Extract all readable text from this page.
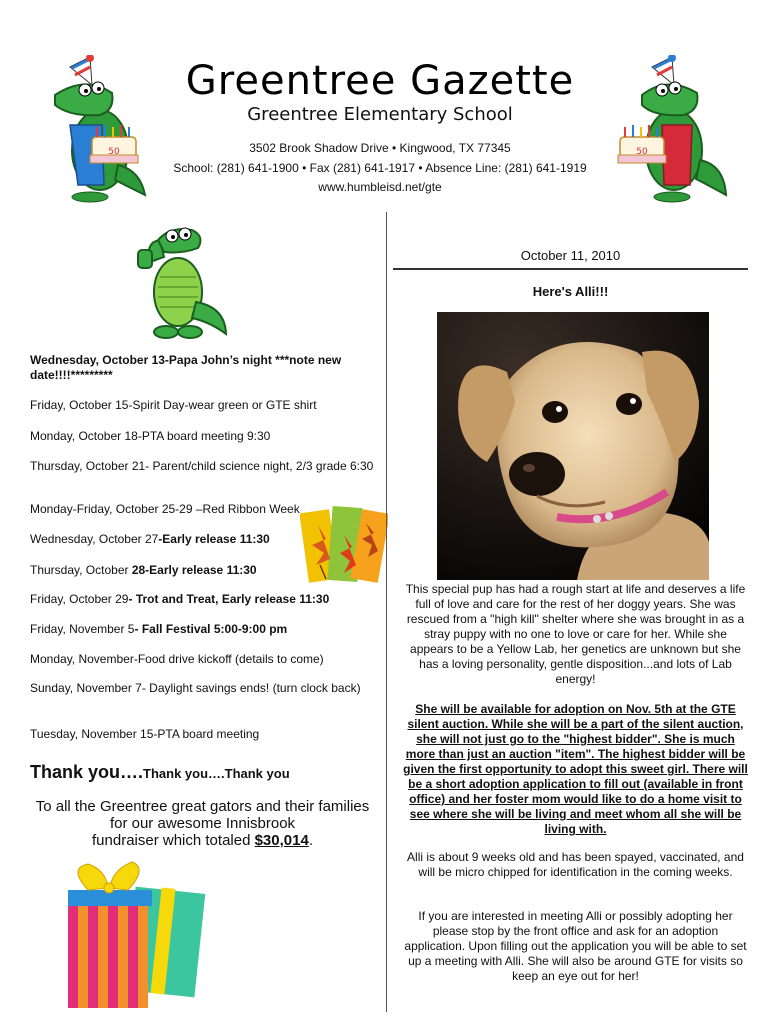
Greentree Gazette
Greentree Elementary School
3502 Brook Shadow Drive • Kingwood, TX 77345
School: (281) 641-1900 • Fax (281) 641-1917 • Absence Line: (281) 641-1919
www.humbleisd.net/gte
50	50
Wednesday, October 13-Papa John’s night ***note new date!!!!*********
Friday, October 15-Spirit Day-wear green or GTE shirt
Monday, October 18-PTA board meeting 9:30
Thursday, October 21- Parent/child science night, 2/3 grade 6:30
Monday-Friday, October 25-29 –Red Ribbon Week
Wednesday, October 27-Early release 11:30
Thursday, October 28-Early release 11:30
Friday, October 29- Trot and Treat, Early release 11:30
Friday, November 5- Fall Festival 5:00-9:00 pm
Monday, November-Food drive kickoff (details to come)
Sunday, November 7- Daylight savings ends! (turn clock back)
Tuesday, November 15-PTA board meeting
Thank you….Thank you….Thank you
To all the Greentree great gators and their families
for our awesome Innisbrook
fundraiser which totaled $30,014.
October 11, 2010
Here's Alli!!!
This special pup has had a rough start at life and deserves a life full of love and care for the rest of her doggy years. She was rescued from a "high kill" shelter where she was brought in as a stray puppy with no one to love or care for her. While she appears to be a Yellow Lab, her genetics are unknown but she has a loving personality, gentle disposition...and lots of Lab energy!
She will be available for adoption on Nov. 5th at the GTE silent auction. While she will be a part of the silent auction, she will not just go to the "highest bidder". She is much more than just an auction "item". The highest bidder will be given the first opportunity to adopt this sweet girl. There will be a short adoption application to fill out (available in front office) and her foster mom would like to do a home visit to see where she will be living and meet whom all she will be living with.
Alli is about 9 weeks old and has been spayed, vaccinated, and will be micro chipped for identification in the coming weeks.
If you are interested in meeting Alli or possibly adopting her please stop by the front office and ask for an adoption application. Upon filling out the application you will be able to set up a meeting with Alli. She will also be around GTE for visits so keep an eye out for her!
